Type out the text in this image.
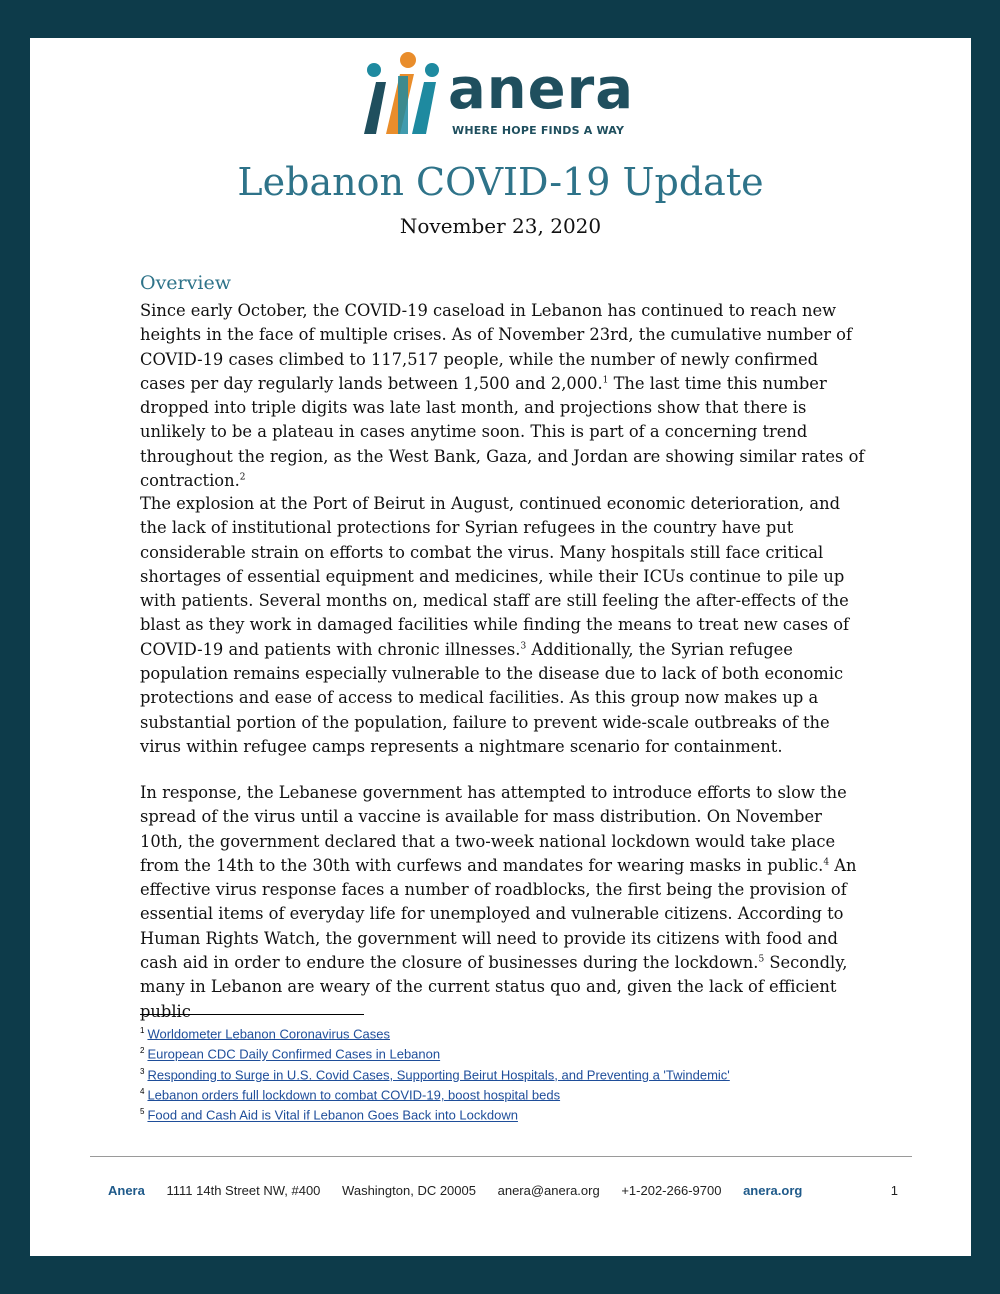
anera
WHERE HOPE FINDS A WAY
Lebanon COVID-19 Update
November 23, 2020
Overview
Since early October, the COVID-19 caseload in Lebanon has continued to reach new heights in the face of multiple crises. As of November 23rd, the cumulative number of COVID-19 cases climbed to 117,517 people, while the number of newly confirmed cases per day regularly lands between 1,500 and 2,000.$^1$ The last time this number dropped into triple digits was late last month, and projections show that there is unlikely to be a plateau in cases anytime soon. This is part of a concerning trend throughout the region, as the West Bank, Gaza, and Jordan are showing similar rates of contraction.$^2$
The explosion at the Port of Beirut in August, continued economic deterioration, and the lack of institutional protections for Syrian refugees in the country have put considerable strain on efforts to combat the virus. Many hospitals still face critical shortages of essential equipment and medicines, while their ICUs continue to pile up with patients. Several months on, medical staff are still feeling the after-effects of the blast as they work in damaged facilities while finding the means to treat new cases of COVID-19 and patients with chronic illnesses.$^3$ Additionally, the Syrian refugee population remains especially vulnerable to the disease due to lack of both economic protections and ease of access to medical facilities. As this group now makes up a substantial portion of the population, failure to prevent wide-scale outbreaks of the virus within refugee camps represents a nightmare scenario for containment.
In response, the Lebanese government has attempted to introduce efforts to slow the spread of the virus until a vaccine is available for mass distribution. On November 10th, the government declared that a two-week national lockdown would take place from the 14th to the 30th with curfews and mandates for wearing masks in public.$^4$ An effective virus response faces a number of roadblocks, the first being the provision of essential items of everyday life for unemployed and vulnerable citizens. According to Human Rights Watch, the government will need to provide its citizens with food and cash aid in order to endure the closure of businesses during the lockdown.$^5$ Secondly, many in Lebanon are weary of the current status quo and, given the lack of efficient public
$^1$ Worldometer Lebanon Coronavirus Cases
$^2$ European CDC Daily Confirmed Cases in Lebanon
$^3$ Responding to Surge in U.S. Covid Cases, Supporting Beirut Hospitals, and Preventing a 'Twindemic'
$^4$ Lebanon orders full lockdown to combat COVID-19, boost hospital beds
$^5$ Food and Cash Aid is Vital if Lebanon Goes Back into Lockdown
Anera 1111 14th Street NW, #400 Washington, DC 20005 anera@anera.org +1-202-266-9700 anera.org	1
